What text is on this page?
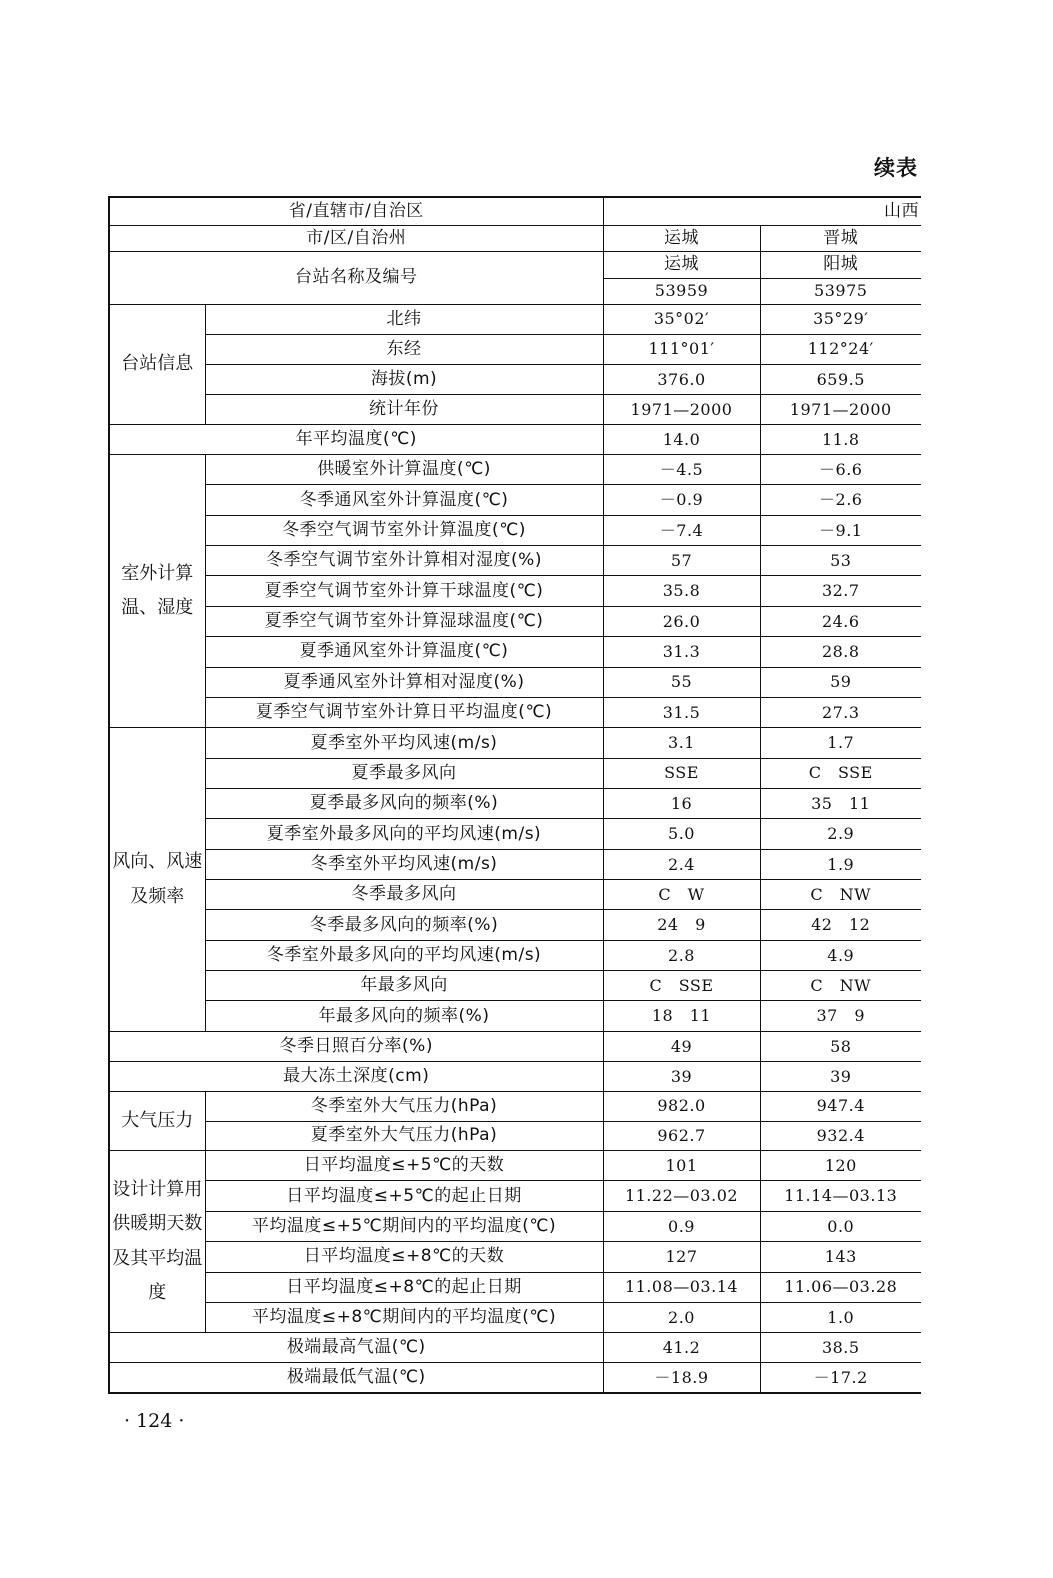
续表
省/直辖市/自治区		山西	
市/区/自治州		运城	晋城
台站名称及编号		运城	阳城
		53959	53975
台站信息	北纬	35°02′	35°29′
	东经	111°01′	112°24′
	海拔(m)	376.0	659.5
	统计年份	1971—2000	1971—2000
年平均温度(℃)		14.0	11.8
室外计算温、湿度	供暖室外计算温度(℃)	－4.5	－6.6
	冬季通风室外计算温度(℃)	－0.9	－2.6
	冬季空气调节室外计算温度(℃)	－7.4	－9.1
	冬季空气调节室外计算相对湿度(%)	57	53
	夏季空气调节室外计算干球温度(℃)	35.8	32.7
	夏季空气调节室外计算湿球温度(℃)	26.0	24.6
	夏季通风室外计算温度(℃)	31.3	28.8
	夏季通风室外计算相对湿度(%)	55	59
	夏季空气调节室外计算日平均温度(℃)	31.5	27.3
风向、风速及频率	夏季室外平均风速(m/s)	3.1	1.7
	夏季最多风向	SSE	C　SSE
	夏季最多风向的频率(%)	16	35　11
	夏季室外最多风向的平均风速(m/s)	5.0	2.9
	冬季室外平均风速(m/s)	2.4	1.9
	冬季最多风向	C　W	C　NW
	冬季最多风向的频率(%)	24　9	42　12
	冬季室外最多风向的平均风速(m/s)	2.8	4.9
	年最多风向	C　SSE	C　NW
	年最多风向的频率(%)	18　11	37　9
冬季日照百分率(%)		49	58
最大冻土深度(cm)		39	39
大气压力	冬季室外大气压力(hPa)	982.0	947.4
	夏季室外大气压力(hPa)	962.7	932.4
设计计算用供暖期天数及其平均温度	日平均温度≤+5℃的天数	101	120
	日平均温度≤+5℃的起止日期	11.22—03.02	11.14—03.13
	平均温度≤+5℃期间内的平均温度(℃)	0.9	0.0
	日平均温度≤+8℃的天数	127	143
	日平均温度≤+8℃的起止日期	11.08—03.14	11.06—03.28
	平均温度≤+8℃期间内的平均温度(℃)	2.0	1.0
极端最高气温(℃)		41.2	38.5
极端最低气温(℃)		－18.9	－17.2
· 124 ·
